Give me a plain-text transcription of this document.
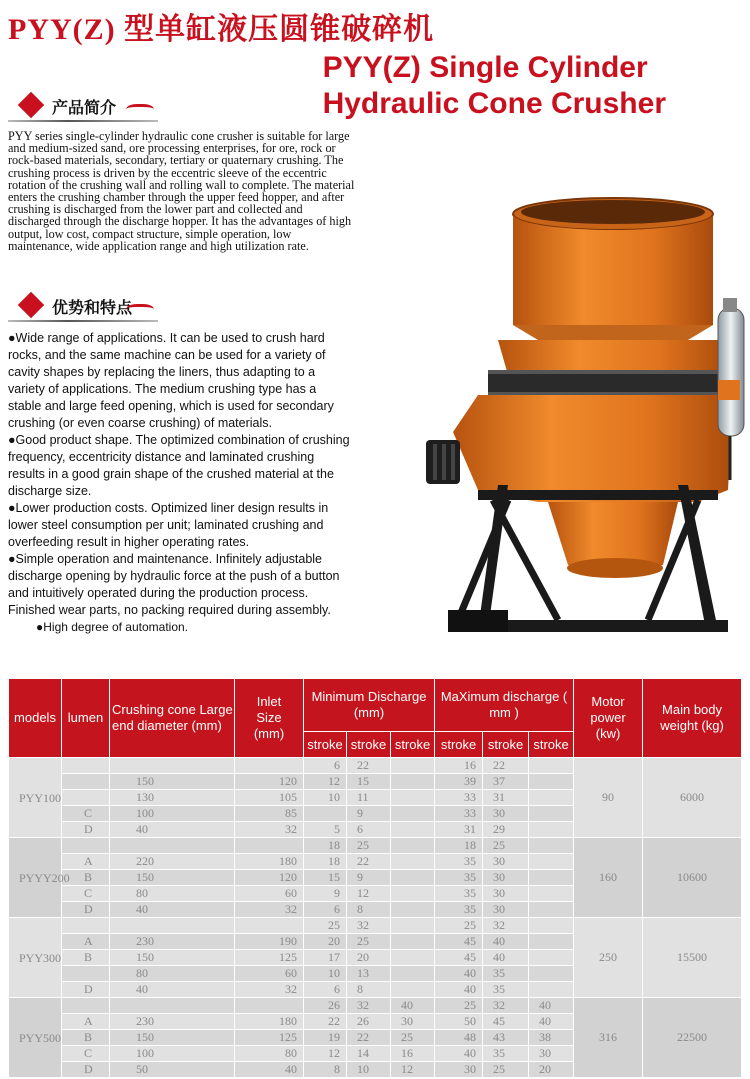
PYY(Z) 型单缸液压圆锥破碎机
PYY(Z) Single Cylinder
Hydraulic Cone Crusher
产品简介
PYY series single-cylinder hydraulic cone crusher is suitable for large and medium-sized sand, ore processing enterprises, for ore, rock or rock-based materials, secondary, tertiary or quaternary crushing. The crushing process is driven by the eccentric sleeve of the eccentric rotation of the crushing wall and rolling wall to complete. The material enters the crushing chamber through the upper feed hopper, and after crushing is discharged from the lower part and collected and discharged through the discharge hopper. It has the advantages of high output, low cost, compact structure, simple operation, low maintenance, wide application range and high utilization rate.
优势和特点

●Wide range of applications. It can be used to crush hard rocks, and the same machine can be used for a variety of cavity shapes by replacing the liners, thus adapting to a variety of applications. The medium crushing type has a stable and large feed opening, which is used for secondary crushing (or even coarse crushing) of materials.

●Good product shape. The optimized combination of crushing frequency, eccentricity distance and laminated crushing results in a good grain shape of the crushed material at the discharge size.

●Lower production costs. Optimized liner design results in lower steel consumption per unit; laminated crushing and overfeeding result in higher operating rates.

●Simple operation and maintenance. Infinitely adjustable discharge opening by hydraulic force at the push of a button and intuitively operated during the production process. Finished wear parts, no packing required during assembly.

●High degree of automation.

models	lumen	Crushing cone Large end diameter (mm)	Inlet Size (mm)	Minimum Discharge (mm)			MaXimum discharge ( mm )			Motor power (kw)	Main body weight (kg)
				stroke	stroke	stroke	stroke	stroke	stroke		
PYY100				6	22		16	22		90	6000
		150	120	12	15		39	37			
		130	105	10	11		33	31			
	C	100	85		9		33	30			
	D	40	32	5	6		31	29			
PYYY200				18	25		18	25		160	10600
	A	220	180	18	22		35	30			
	B	150	120	15	9		35	30			
	C	80	60	9	12		35	30			
	D	40	32	6	8		35	30			
PYY300				25	32		25	32		250	15500
	A	230	190	20	25		45	40			
	B	150	125	17	20		45	40			
		80	60	10	13		40	35			
	D	40	32	6	8		40	35			
PYY500				26	32	40	25	32	40	316	22500
	A	230	180	22	26	30	50	45	40		
	B	150	125	19	22	25	48	43	38		
	C	100	80	12	14	16	40	35	30		
	D	50	40	8	10	12	30	25	20		
